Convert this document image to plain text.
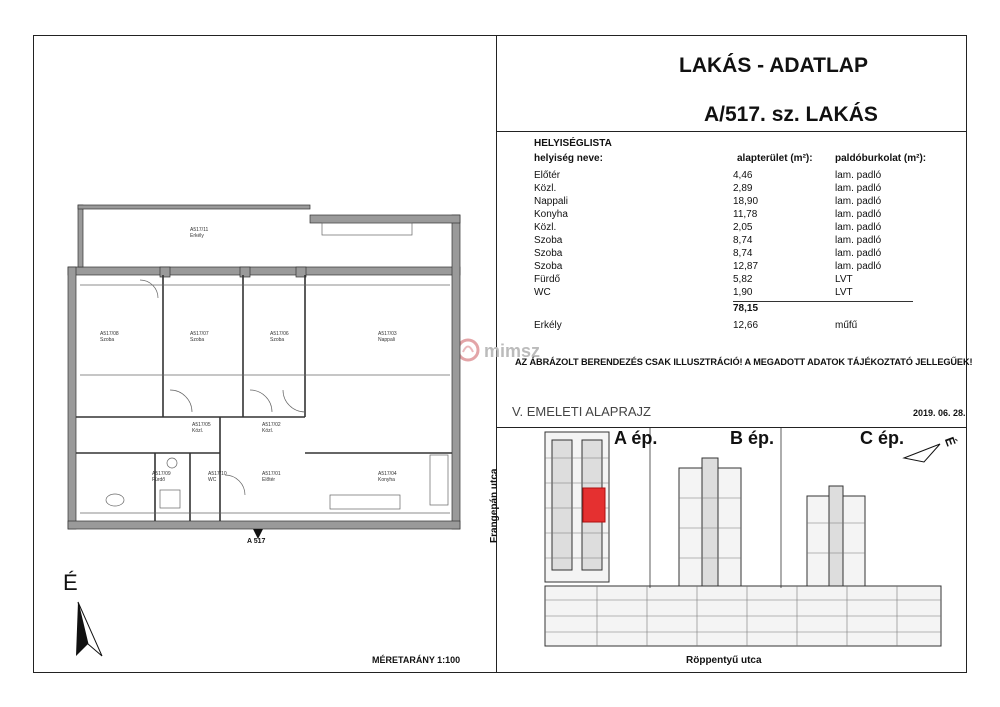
LAKÁS - ADATLAP
A/517. sz. LAKÁS
HELYISÉGLISTA
helyiség neve:	alapterület (m²): paldóburkolat (m²):
Előtér	4,46	lam. padló
Közl.	2,89	lam. padló
Nappali	18,90	lam. padló
Konyha	11,78	lam. padló
Közl.	2,05	lam. padló
Szoba	8,74	lam. padló
Szoba	8,74	lam. padló
Szoba	12,87	lam. padló
Fürdő	5,82	LVT
WC	1,90	LVT
78,15
Erkély	12,66	műfű
mimsz
AZ ÁBRÁZOLT BERENDEZÉS CSAK ILLUSZTRÁCIÓ! A MEGADOTT ADATOK TÁJÉKOZTATÓ JELLEGŰEK!
V. EMELETI ALAPRAJZ	2019. 06. 28.
A ép.	B ép.	C ép.
Frangepán utca
Röppentyű utca
É
A517/11
Erkély
A517/08
Szoba
A517/07
Szoba
A517/06
Szoba
A517/03
Nappali
A517/05
Közl.
A517/02
Közl.
A517/09
Fürdő
A517/10
WC
A517/01
Előtér
A517/04
Konyha
A 517
É
MÉRETARÁNY 1:100
